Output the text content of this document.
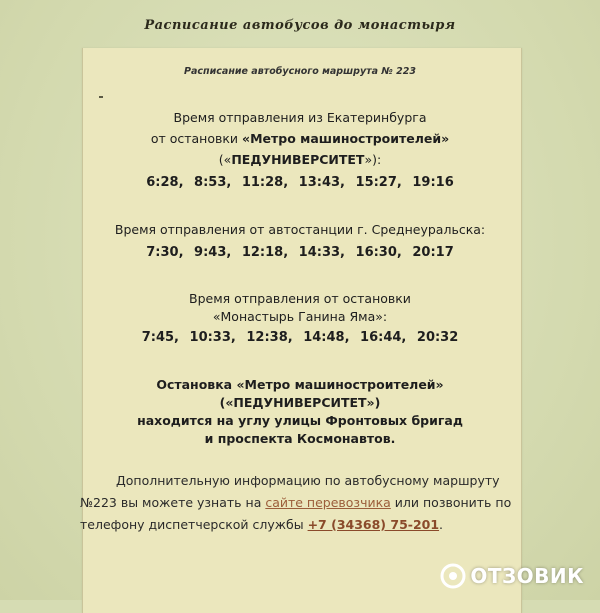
Расписание автобусов до монастыря
Расписание автобусного маршрута № 223
Время отправления из Екатеринбурга
от остановки «Метро машиностроителей»
(«ПЕДУНИВЕРСИТЕТ»):
6:28, 8:53, 11:28, 13:43, 15:27, 19:16
Время отправления от автостанции г. Среднеуральска:
7:30, 9:43, 12:18, 14:33, 16:30, 20:17
Время отправления от остановки
«Монастырь Ганина Яма»:
7:45, 10:33, 12:38, 14:48, 16:44, 20:32
Остановка «Метро машиностроителей»
(«ПЕДУНИВЕРСИТЕТ»)
находится на углу улицы Фронтовых бригад
и проспекта Космонавтов.
Дополнительную информацию по автобусному маршруту №223 вы можете узнать на сайте перевозчика или позвонить по телефону диспетчерской службы +7 (34368) 75-201.
ОТЗОВИК
